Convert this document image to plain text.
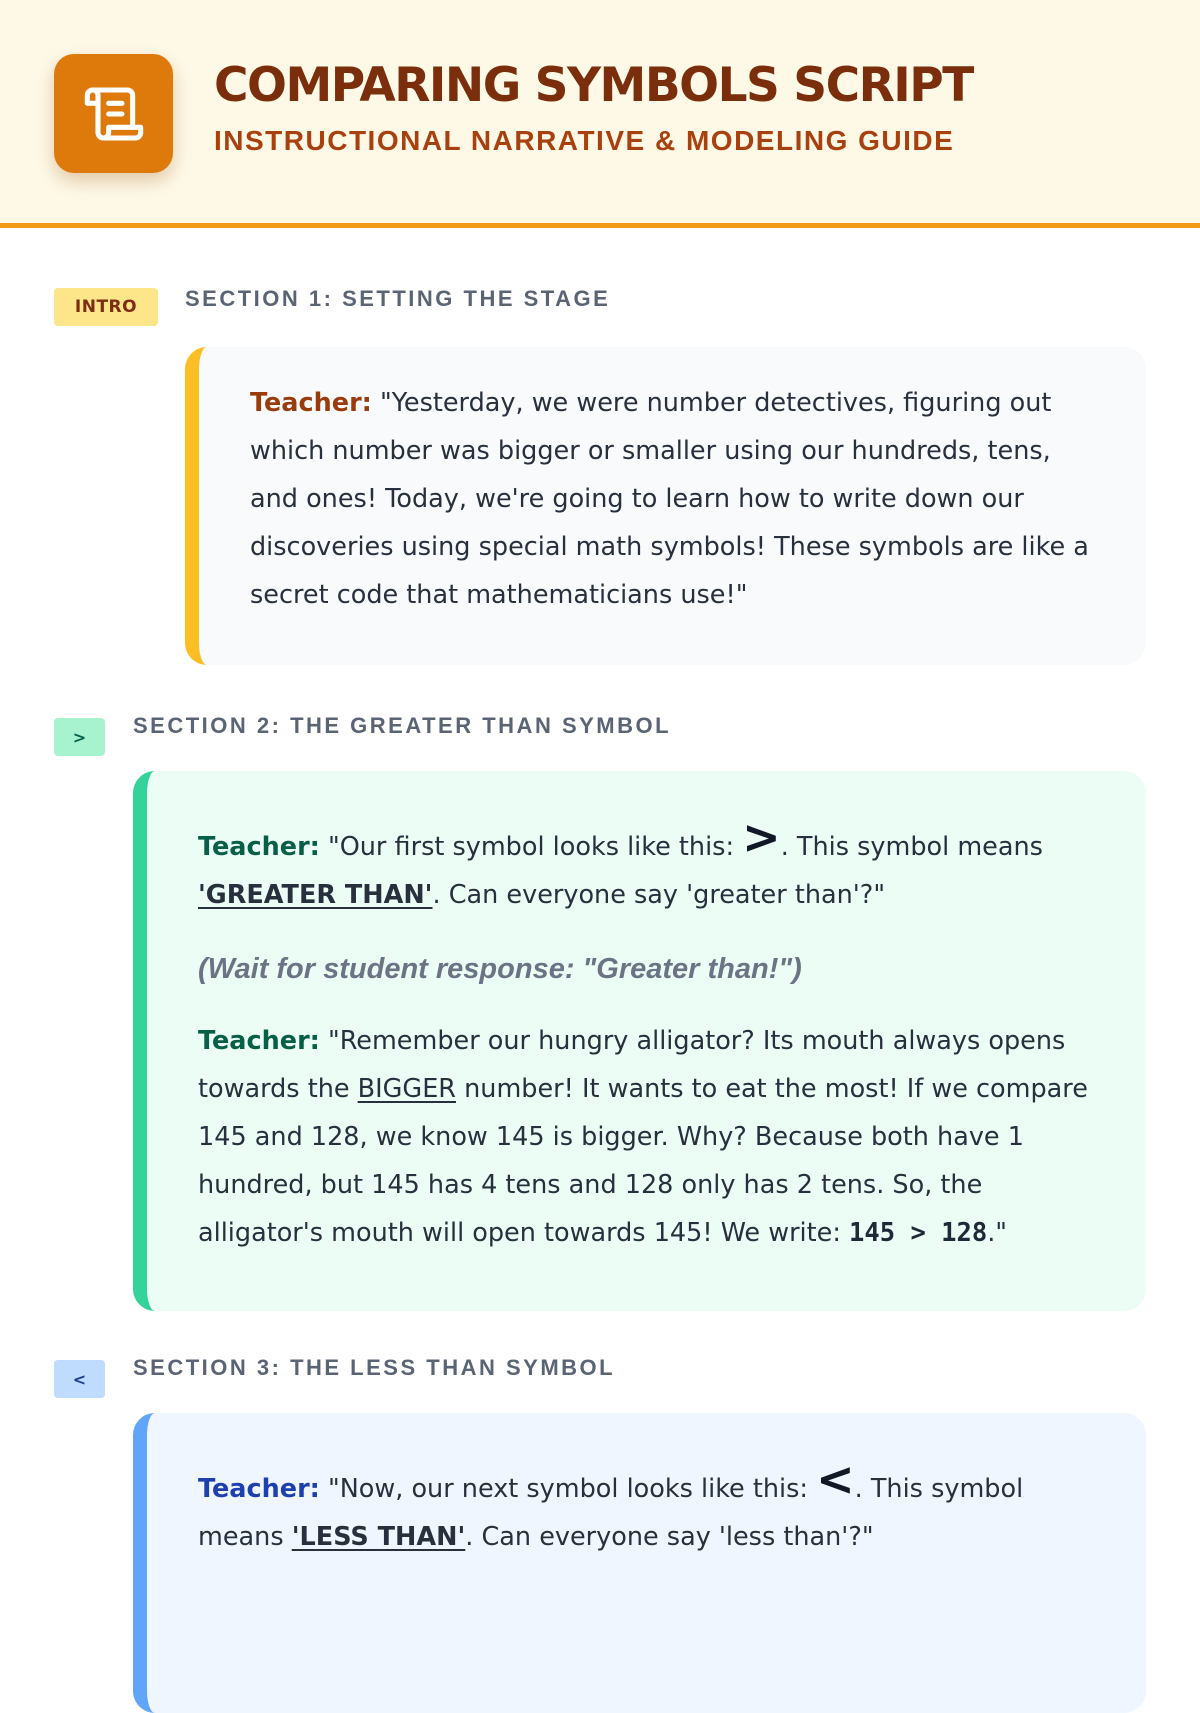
COMPARING SYMBOLS SCRIPT
INSTRUCTIONAL NARRATIVE & MODELING GUIDE
INTRO	SECTION 1: SETTING THE STAGE

Teacher: "Yesterday, we were number detectives, figuring out which number was bigger or smaller using our hundreds, tens, and ones! Today, we're going to learn how to write down our discoveries using special math symbols! These symbols are like a secret code that mathematicians use!"

>	SECTION 2: THE GREATER THAN SYMBOL

Teacher: "Our first symbol looks like this: >. This symbol means 'GREATER THAN'. Can everyone say 'greater than'?"

(Wait for student response: "Greater than!")

Teacher: "Remember our hungry alligator? Its mouth always opens towards the BIGGER number! It wants to eat the most! If we compare 145 and 128, we know 145 is bigger. Why? Because both have 1 hundred, but 145 has 4 tens and 128 only has 2 tens. So, the alligator's mouth will open towards 145! We write: 145 > 128."

<	SECTION 3: THE LESS THAN SYMBOL

Teacher: "Now, our next symbol looks like this: <. This symbol means 'LESS THAN'. Can everyone say 'less than'?"
